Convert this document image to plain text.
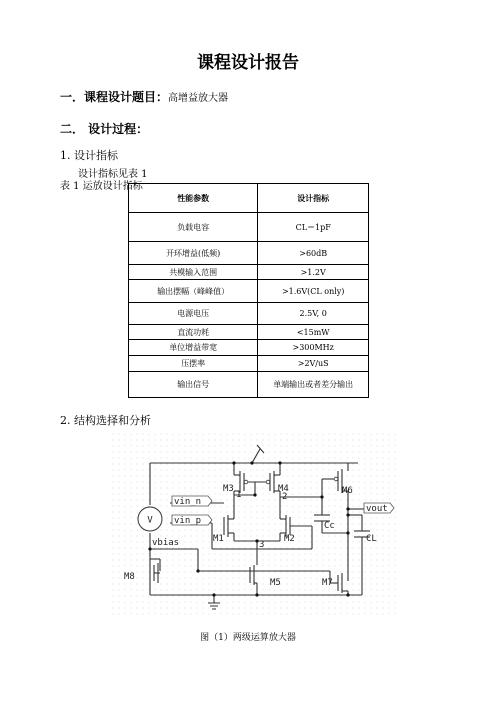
课程设计报告
一．课程设计题目：高增益放大器
二． 设计过程：
1. 设计指标
设计指标见表 1
表 1 运放设计指标
性能参数	设计指标
负载电容	CL＝1pF
开环增益(低频)	>60dB
共模输入范围	>1.2V
输出摆幅（峰峰值）	>1.6V(CL only)
电源电压	2.5V, 0
直流功耗	<15mW
单位增益带宽	>300MHz
压摆率	>2V/uS
输出信号	单端输出或者差分输出
2. 结构选择和分析
V
vin_n
vin_p
vout
vbias
M3	M4	M6
M1	M2
M8
M5	M7
1	2
3
Cc
CL
图（1）两级运算放大器
